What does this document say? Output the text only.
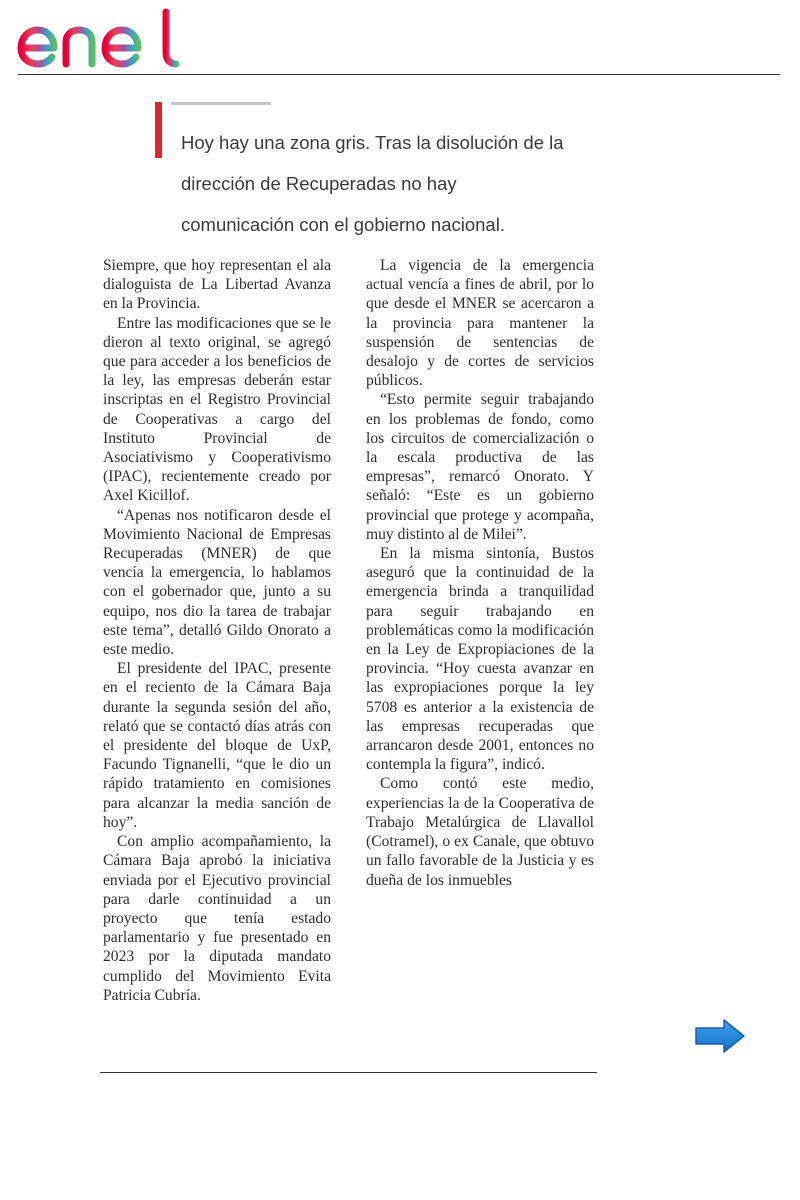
Hoy hay una zona gris. Tras la disolución de la dirección de Recuperadas no hay comunicación con el gobierno nacional.

Siempre, que hoy representan el ala dialoguista de La Libertad Avanza en la Provincia.

Entre las modificaciones que se le dieron al texto original, se agregó que para acceder a los beneficios de la ley, las empresas deberán estar inscriptas en el Registro Provincial de Cooperativas a cargo del Instituto Provincial de Asociativismo y Cooperativismo (IPAC), recientemente creado por Axel Kicillof.

“Apenas nos notificaron desde el Movimiento Nacional de Empresas Recuperadas (MNER) de que vencía la emergencia, lo hablamos con el gobernador que, junto a su equipo, nos dio la tarea de trabajar este tema”, detalló Gildo Onorato a este medio.

El presidente del IPAC, presente en el reciento de la Cámara Baja durante la segunda sesión del año, relató que se contactó días atrás con el presidente del bloque de UxP, Facundo Tignanelli, “que le dio un rápido tratamiento en comisiones para alcanzar la media sanción de hoy”.

Con amplio acompañamiento, la Cámara Baja aprobó la iniciativa enviada por el Ejecutivo provincial para darle continuidad a un proyecto que tenía estado parlamentario y fue presentado en 2023 por la diputada mandato cumplido del Movimiento Evita Patricia Cubría.

La vigencia de la emergencia actual vencía a fines de abril, por lo que desde el MNER se acercaron a la provincia para mantener la suspensión de sentencias de desalojo y de cortes de servicios públicos.

“Esto permite seguir trabajando en los problemas de fondo, como los circuitos de comercialización o la escala productiva de las empresas”, remarcó Onorato. Y señaló: “Este es un gobierno provincial que protege y acompaña, muy distinto al de Milei”.

En la misma sintonía, Bustos aseguró que la continuidad de la emergencia brinda a tranquilidad para seguir trabajando en problemáticas como la modificación en la Ley de Expropiaciones de la provincia. “Hoy cuesta avanzar en las expropiaciones porque la ley 5708 es anterior a la existencia de las empresas recuperadas que arrancaron desde 2001, entonces no contempla la figura”, indicó.

Como contó este medio, experiencias la de la Cooperativa de Trabajo Metalúrgica de Llavallol (Cotramel), o ex Canale, que obtuvo un fallo favorable de la Justicia y es dueña de los inmuebles
